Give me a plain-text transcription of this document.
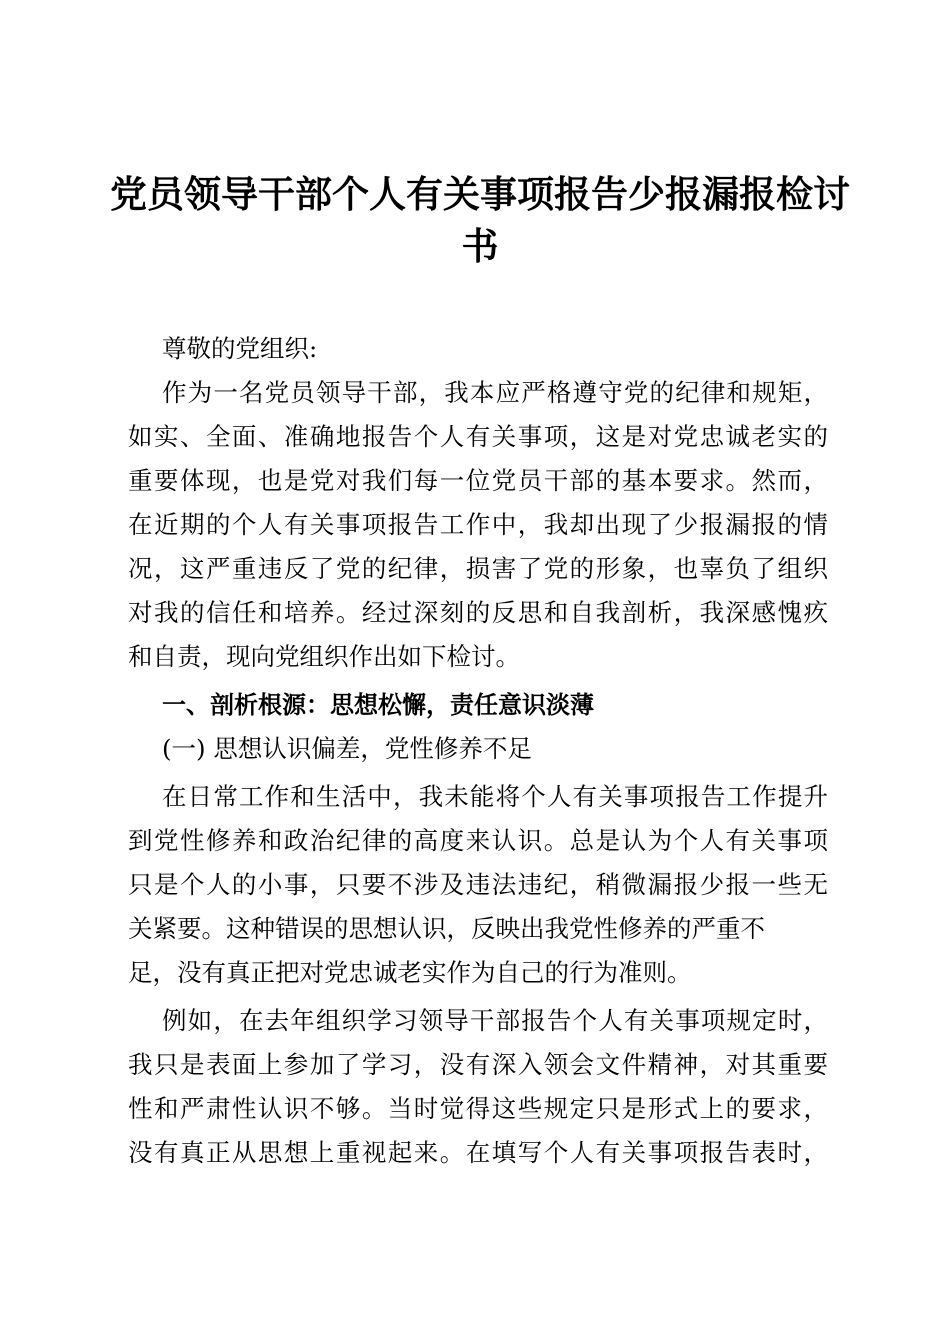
党员领导干部个人有关事项报告少报漏报检讨
书
尊敬的党组织:
作为一名党员领导干部，我本应严格遵守党的纪律和规矩，
如实、全面、准确地报告个人有关事项，这是对党忠诚老实的
重要体现，也是党对我们每一位党员干部的基本要求。然而，
在近期的个人有关事项报告工作中，我却出现了少报漏报的情
况，这严重违反了党的纪律，损害了党的形象，也辜负了组织
对我的信任和培养。经过深刻的反思和自我剖析，我深感愧疚
和自责，现向党组织作出如下检讨。
一、剖析根源：思想松懈，责任意识淡薄
(一) 思想认识偏差，党性修养不足
在日常工作和生活中，我未能将个人有关事项报告工作提升
到党性修养和政治纪律的高度来认识。总是认为个人有关事项
只是个人的小事，只要不涉及违法违纪，稍微漏报少报一些无
关紧要。这种错误的思想认识，反映出我党性修养的严重不
足，没有真正把对党忠诚老实作为自己的行为准则。
例如，在去年组织学习领导干部报告个人有关事项规定时，
我只是表面上参加了学习，没有深入领会文件精神，对其重要
性和严肃性认识不够。当时觉得这些规定只是形式上的要求，
没有真正从思想上重视起来。在填写个人有关事项报告表时，
